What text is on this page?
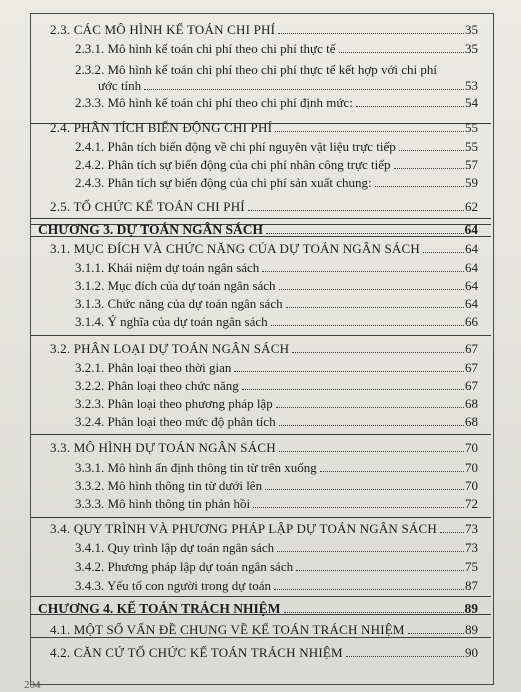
2.3. CÁC MÔ HÌNH KẾ TOÁN CHI PHÍ	35
2.3.1. Mô hình kế toán chi phí theo chi phí thực tế	35
2.3.2. Mô hình kế toán chi phí theo chi phí thực tế kết hợp với chi phí
ước tính	53
2.3.3. Mô hình kế toán chi phí theo chi phí định mức:	54
2.4. PHÂN TÍCH BIẾN ĐỘNG CHI PHÍ	55
2.4.1. Phân tích biến động về chi phí nguyên vật liệu trực tiếp	55
2.4.2. Phân tích sự biến động của chi phí nhân công trực tiếp	57
2.4.3. Phân tích sự biến động của chi phí sản xuất chung:	59
2.5. TỔ CHỨC KẾ TOÁN CHI PHÍ	62
CHƯƠNG 3. DỰ TOÁN NGÂN SÁCH	64
3.1. MỤC ĐÍCH VÀ CHỨC NĂNG CỦA DỰ TOÁN NGÂN SÁCH	64
3.1.1. Khái niệm dự toán ngân sách	64
3.1.2. Mục đích của dự toán ngân sách	64
3.1.3. Chức năng của dự toán ngân sách	64
3.1.4. Ý nghĩa của dự toán ngân sách	66
3.2. PHÂN LOẠI DỰ TOÁN NGÂN SÁCH	67
3.2.1. Phân loại theo thời gian	67
3.2.2. Phân loại theo chức năng	67
3.2.3. Phân loại theo phương pháp lập	68
3.2.4. Phân loại theo mức độ phân tích	68
3.3. MÔ HÌNH DỰ TOÁN NGÂN SÁCH	70
3.3.1. Mô hình ấn định thông tin từ trên xuống	70
3.3.2. Mô hình thông tin từ dưới lên	70
3.3.3. Mô hình thông tin phản hồi	72
3.4. QUY TRÌNH VÀ PHƯƠNG PHÁP LẬP DỰ TOÁN NGÂN SÁCH 73
3.4.1. Quy trình lập dự toán ngân sách	73
3.4.2. Phương pháp lập dự toán ngân sách	75
3.4.3. Yếu tố con người trong dự toán	87
CHƯƠNG 4. KẾ TOÁN TRÁCH NHIỆM	89
4.1. MỘT SỐ VẤN ĐỀ CHUNG VỀ KẾ TOÁN TRÁCH NHIỆM	89
4.2. CĂN CỨ TỔ CHỨC KẾ TOÁN TRÁCH NHIỆM	90
204
